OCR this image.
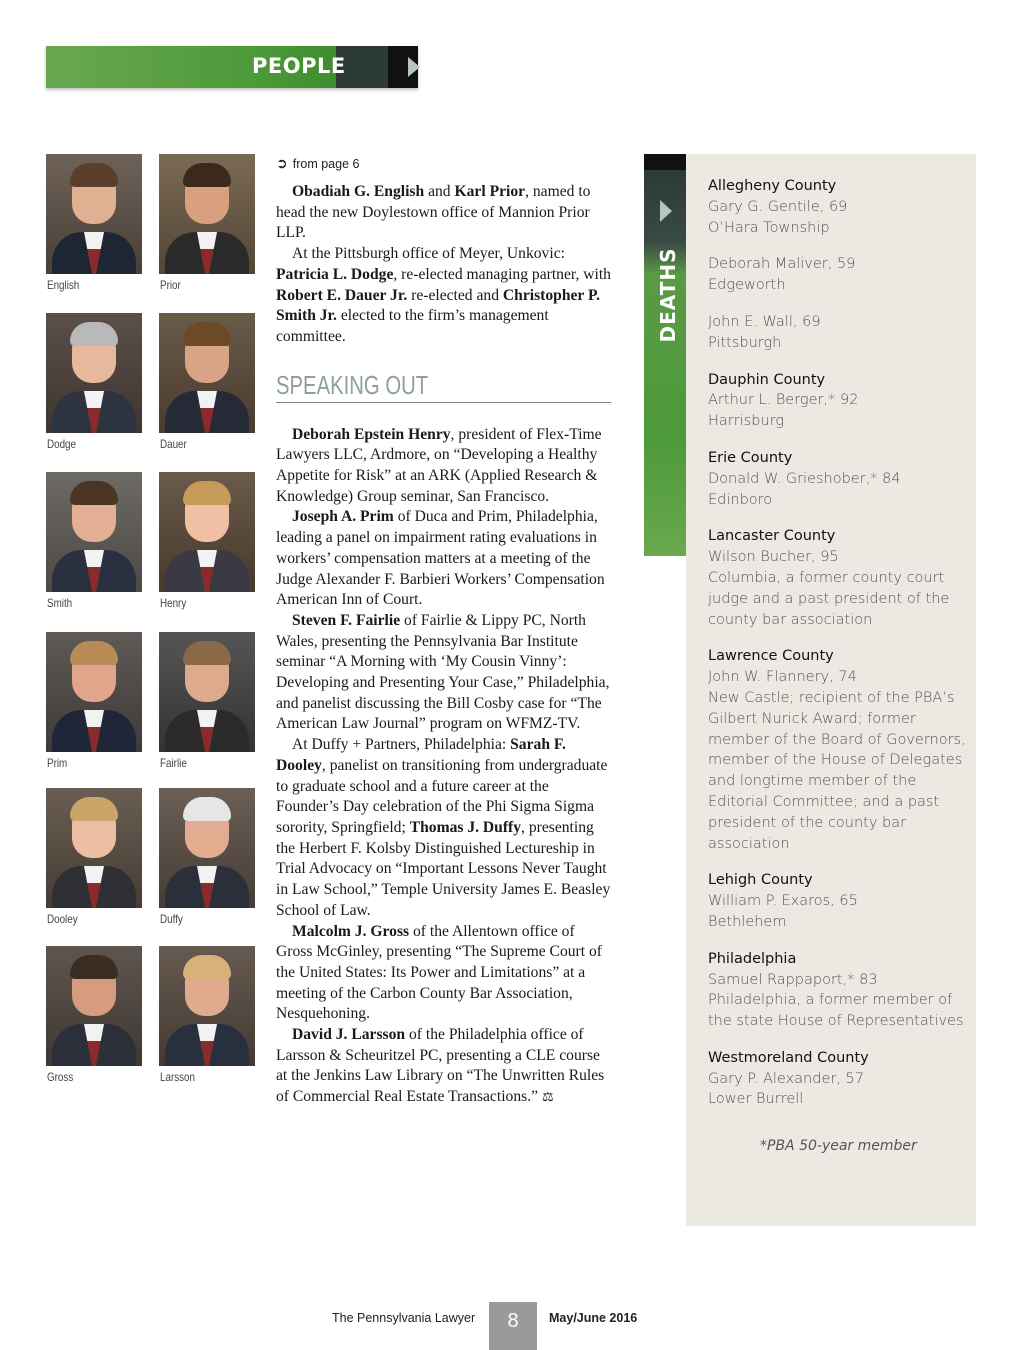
PEOPLE
English	Prior
Dodge	Dauer
Smith	Henry
Prim	Fairlie
Dooley	Duffy
Gross	Larsson
➲ from page 6

Obadiah G. English and Karl Prior, named to head the new Doylestown office of Mannion Prior LLP.

At the Pittsburgh office of Meyer, Unkovic: Patricia L. Dodge, re-elected managing partner, with Robert E. Dauer Jr. re-elected and Christopher P. Smith Jr. elected to the firm’s management committee.

SPEAKING OUT

Deborah Epstein Henry, president of Flex-Time Lawyers LLC, Ardmore, on “Developing a Healthy Appetite for Risk” at an ARK (Applied Research & Knowledge) Group seminar, San Francisco.

Joseph A. Prim of Duca and Prim, Philadelphia, leading a panel on impairment rating evaluations in workers’ compensation matters at a meeting of the Judge Alexander F. Barbieri Workers’ Compensation American Inn of Court.

Steven F. Fairlie of Fairlie & Lippy PC, North Wales, presenting the Pennsylvania Bar Institute seminar “A Morning with ‘My Cousin Vinny’: Developing and Presenting Your Case,” Philadelphia, and panelist discussing the Bill Cosby case for “The American Law Journal” program on WFMZ-TV.

At Duffy + Partners, Philadelphia: Sarah F. Dooley, panelist on transitioning from undergraduate to graduate school and a future career at the Founder’s Day celebration of the Phi Sigma Sigma sorority, Springfield; Thomas J. Duffy, presenting the Herbert F. Kolsby Distinguished Lectureship in Trial Advocacy on “Important Lessons Never Taught in Law School,” Temple University James E. Beasley School of Law.

Malcolm J. Gross of the Allentown office of Gross McGinley, presenting “The Supreme Court of the United States: Its Power and Limitations” at a meeting of the Carbon County Bar Association, Nesquehoning.

David J. Larsson of the Philadelphia office of Larsson & Scheuritzel PC, presenting a CLE course at the Jenkins Law Library on “The Unwritten Rules of Commercial Real Estate Transactions.” ⚖

DEATHS
Allegheny County
Gary G. Gentile, 69
O’Hara Township
Deborah Maliver, 59
Edgeworth
John E. Wall, 69
Pittsburgh
Dauphin County
Arthur L. Berger,* 92
Harrisburg
Erie County
Donald W. Grieshober,* 84
Edinboro
Lancaster County
Wilson Bucher, 95
Columbia, a former county court judge and a past president of the county bar association
Lawrence County
John W. Flannery, 74
New Castle; recipient of the PBA’s Gilbert Nurick Award; former member of the Board of Governors, member of the House of Delegates and longtime member of the Editorial Committee; and a past president of the county bar association
Lehigh County
William P. Exaros, 65
Bethlehem
Philadelphia
Samuel Rappaport,* 83
Philadelphia, a former member of the state House of Representatives
Westmoreland County
Gary P. Alexander, 57
Lower Burrell
*PBA 50-year member
The Pennsylvania Lawyer	8	May/June 2016
